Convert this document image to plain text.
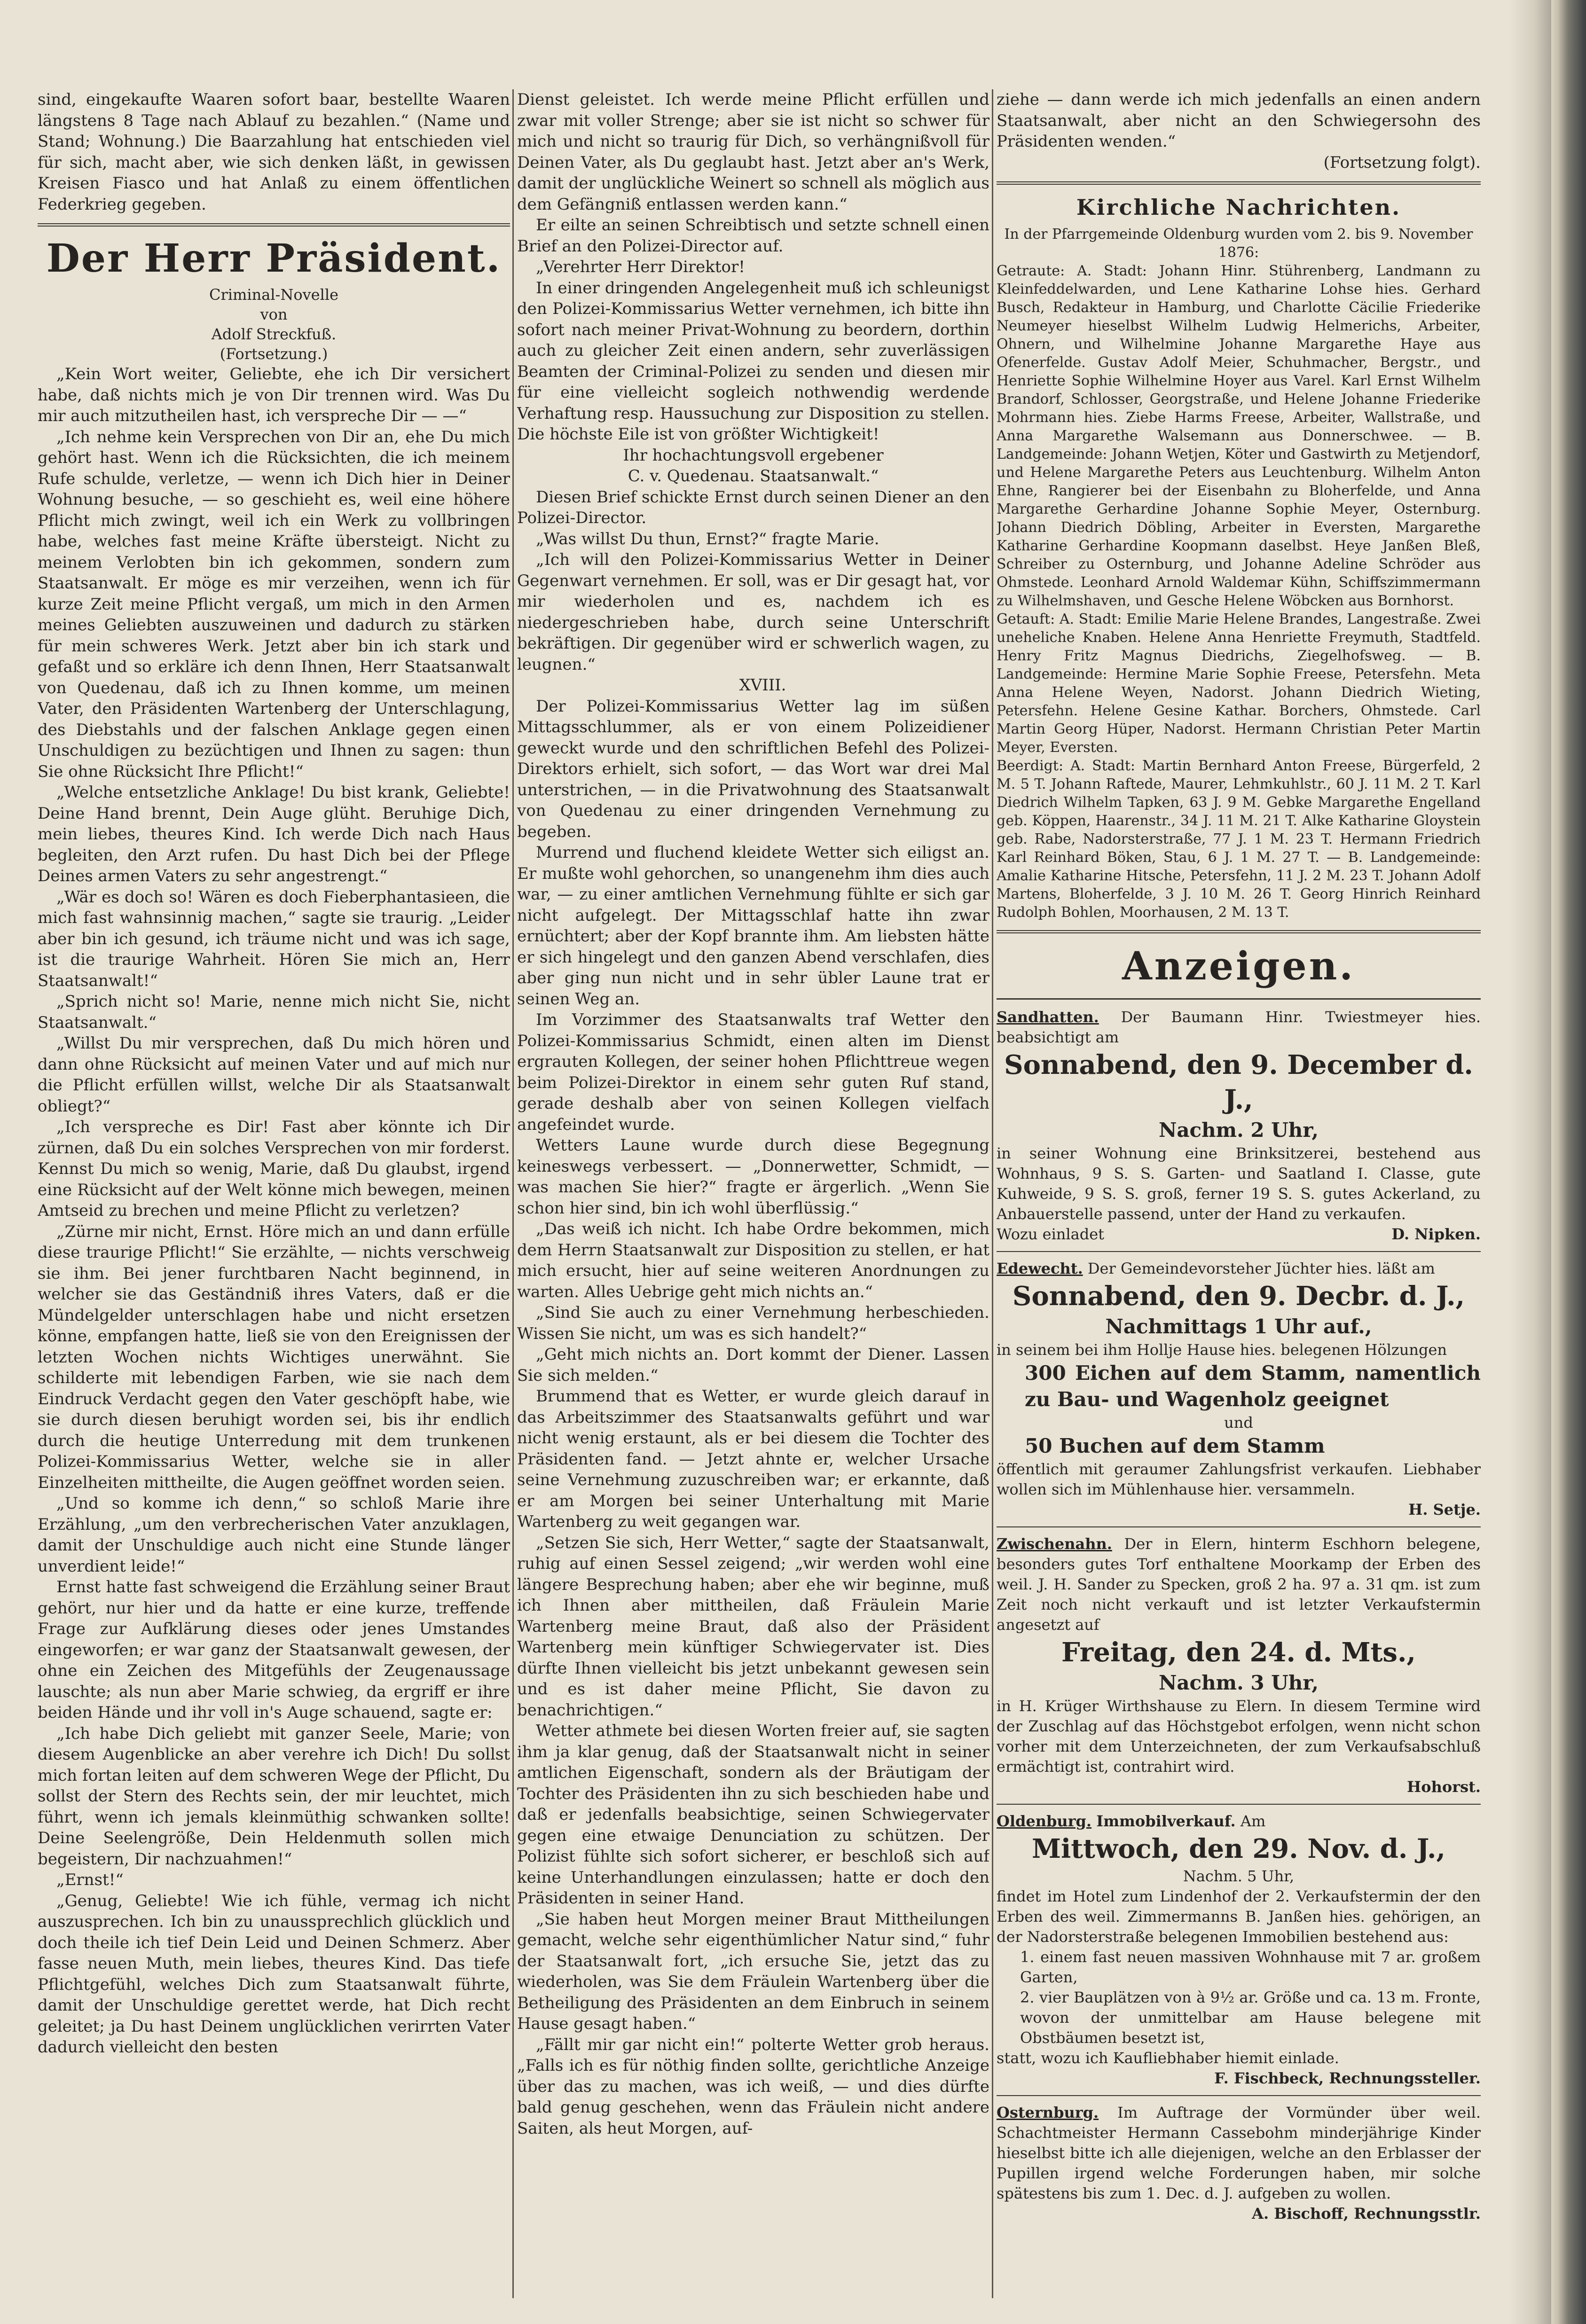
sind, eingekaufte Waaren sofort baar, bestellte Waaren längstens 8 Tage nach Ablauf zu bezahlen.“ (Name und Stand; Wohnung.) Die Baarzahlung hat entschieden viel für sich, macht aber, wie sich denken läßt, in gewissen Kreisen Fiasco und hat Anlaß zu einem öffentlichen Federkrieg gegeben.

Der Herr Präsident.
Criminal-Novelle
von
Adolf Streckfuß.
(Fortsetzung.)

„Kein Wort weiter, Geliebte, ehe ich Dir versichert habe, daß nichts mich je von Dir trennen wird. Was Du mir auch mitzutheilen hast, ich verspreche Dir — —“

„Ich nehme kein Versprechen von Dir an, ehe Du mich gehört hast. Wenn ich die Rücksichten, die ich meinem Rufe schulde, verletze, — wenn ich Dich hier in Deiner Wohnung besuche, — so geschieht es, weil eine höhere Pflicht mich zwingt, weil ich ein Werk zu vollbringen habe, welches fast meine Kräfte übersteigt. Nicht zu meinem Verlobten bin ich gekommen, sondern zum Staatsanwalt. Er möge es mir verzeihen, wenn ich für kurze Zeit meine Pflicht vergaß, um mich in den Armen meines Geliebten auszuweinen und dadurch zu stärken für mein schweres Werk. Jetzt aber bin ich stark und gefaßt und so erkläre ich denn Ihnen, Herr Staatsanwalt von Quedenau, daß ich zu Ihnen komme, um meinen Vater, den Präsidenten Wartenberg der Unterschlagung, des Diebstahls und der falschen Anklage gegen einen Unschuldigen zu bezüchtigen und Ihnen zu sagen: thun Sie ohne Rücksicht Ihre Pflicht!“

„Welche entsetzliche Anklage! Du bist krank, Geliebte! Deine Hand brennt, Dein Auge glüht. Beruhige Dich, mein liebes, theures Kind. Ich werde Dich nach Haus begleiten, den Arzt rufen. Du hast Dich bei der Pflege Deines armen Vaters zu sehr angestrengt.“

„Wär es doch so! Wären es doch Fieberphantasieen, die mich fast wahnsinnig machen,“ sagte sie traurig. „Leider aber bin ich gesund, ich träume nicht und was ich sage, ist die traurige Wahrheit. Hören Sie mich an, Herr Staatsanwalt!“

„Sprich nicht so! Marie, nenne mich nicht Sie, nicht Staatsanwalt.“

„Willst Du mir versprechen, daß Du mich hören und dann ohne Rücksicht auf meinen Vater und auf mich nur die Pflicht erfüllen willst, welche Dir als Staatsanwalt obliegt?“

„Ich verspreche es Dir! Fast aber könnte ich Dir zürnen, daß Du ein solches Versprechen von mir forderst. Kennst Du mich so wenig, Marie, daß Du glaubst, irgend eine Rücksicht auf der Welt könne mich bewegen, meinen Amtseid zu brechen und meine Pflicht zu verletzen?

„Zürne mir nicht, Ernst. Höre mich an und dann erfülle diese traurige Pflicht!“ Sie erzählte, — nichts verschweig sie ihm. Bei jener furchtbaren Nacht beginnend, in welcher sie das Geständniß ihres Vaters, daß er die Mündelgelder unterschlagen habe und nicht ersetzen könne, empfangen hatte, ließ sie von den Ereignissen der letzten Wochen nichts Wichtiges unerwähnt. Sie schilderte mit lebendigen Farben, wie sie nach dem Eindruck Verdacht gegen den Vater geschöpft habe, wie sie durch diesen beruhigt worden sei, bis ihr endlich durch die heutige Unterredung mit dem trunkenen Polizei-Kommissarius Wetter, welche sie in aller Einzelheiten mittheilte, die Augen geöffnet worden seien.

„Und so komme ich denn,“ so schloß Marie ihre Erzählung, „um den verbrecherischen Vater anzuklagen, damit der Unschuldige auch nicht eine Stunde länger unverdient leide!“

Ernst hatte fast schweigend die Erzählung seiner Braut gehört, nur hier und da hatte er eine kurze, treffende Frage zur Aufklärung dieses oder jenes Umstandes eingeworfen; er war ganz der Staatsanwalt gewesen, der ohne ein Zeichen des Mitgefühls der Zeugenaussage lauschte; als nun aber Marie schwieg, da ergriff er ihre beiden Hände und ihr voll in's Auge schauend, sagte er:

„Ich habe Dich geliebt mit ganzer Seele, Marie; von diesem Augenblicke an aber verehre ich Dich! Du sollst mich fortan leiten auf dem schweren Wege der Pflicht, Du sollst der Stern des Rechts sein, der mir leuchtet, mich führt, wenn ich jemals kleinmüthig schwanken sollte! Deine Seelengröße, Dein Heldenmuth sollen mich begeistern, Dir nachzuahmen!“

„Ernst!“

„Genug, Geliebte! Wie ich fühle, vermag ich nicht auszusprechen. Ich bin zu unaussprechlich glücklich und doch theile ich tief Dein Leid und Deinen Schmerz. Aber fasse neuen Muth, mein liebes, theures Kind. Das tiefe Pflichtgefühl, welches Dich zum Staatsanwalt führte, damit der Unschuldige gerettet werde, hat Dich recht geleitet; ja Du hast Deinem unglücklichen verirrten Vater dadurch vielleicht den besten

Dienst geleistet. Ich werde meine Pflicht erfüllen und zwar mit voller Strenge; aber sie ist nicht so schwer für mich und nicht so traurig für Dich, so verhängnißvoll für Deinen Vater, als Du geglaubt hast. Jetzt aber an's Werk, damit der unglückliche Weinert so schnell als möglich aus dem Gefängniß entlassen werden kann.“

Er eilte an seinen Schreibtisch und setzte schnell einen Brief an den Polizei-Director auf.

„Verehrter Herr Direktor!

In einer dringenden Angelegenheit muß ich schleunigst den Polizei-Kommissarius Wetter vernehmen, ich bitte ihn sofort nach meiner Privat-Wohnung zu beordern, dorthin auch zu gleicher Zeit einen andern, sehr zuverlässigen Beamten der Criminal-Polizei zu senden und diesen mir für eine vielleicht sogleich nothwendig werdende Verhaftung resp. Haussuchung zur Disposition zu stellen. Die höchste Eile ist von größter Wichtigkeit!

Ihr hochachtungsvoll ergebener

C. v. Quedenau. Staatsanwalt.“

Diesen Brief schickte Ernst durch seinen Diener an den Polizei-Director.

„Was willst Du thun, Ernst?“ fragte Marie.

„Ich will den Polizei-Kommissarius Wetter in Deiner Gegenwart vernehmen. Er soll, was er Dir gesagt hat, vor mir wiederholen und es, nachdem ich es niedergeschrieben habe, durch seine Unterschrift bekräftigen. Dir gegenüber wird er schwerlich wagen, zu leugnen.“

XVIII.

Der Polizei-Kommissarius Wetter lag im süßen Mittagsschlummer, als er von einem Polizeidiener geweckt wurde und den schriftlichen Befehl des Polizei-Direktors erhielt, sich sofort, — das Wort war drei Mal unterstrichen, — in die Privatwohnung des Staatsanwalt von Quedenau zu einer dringenden Vernehmung zu begeben.

Murrend und fluchend kleidete Wetter sich eiligst an. Er mußte wohl gehorchen, so unangenehm ihm dies auch war, — zu einer amtlichen Vernehmung fühlte er sich gar nicht aufgelegt. Der Mittagsschlaf hatte ihn zwar ernüchtert; aber der Kopf brannte ihm. Am liebsten hätte er sich hingelegt und den ganzen Abend verschlafen, dies aber ging nun nicht und in sehr übler Laune trat er seinen Weg an.

Im Vorzimmer des Staatsanwalts traf Wetter den Polizei-Kommissarius Schmidt, einen alten im Dienst ergrauten Kollegen, der seiner hohen Pflichttreue wegen beim Polizei-Direktor in einem sehr guten Ruf stand, gerade deshalb aber von seinen Kollegen vielfach angefeindet wurde.

Wetters Laune wurde durch diese Begegnung keineswegs verbessert. — „Donnerwetter, Schmidt, — was machen Sie hier?“ fragte er ärgerlich. „Wenn Sie schon hier sind, bin ich wohl überflüssig.“

„Das weiß ich nicht. Ich habe Ordre bekommen, mich dem Herrn Staatsanwalt zur Disposition zu stellen, er hat mich ersucht, hier auf seine weiteren Anordnungen zu warten. Alles Uebrige geht mich nichts an.“

„Sind Sie auch zu einer Vernehmung herbeschieden. Wissen Sie nicht, um was es sich handelt?“

„Geht mich nichts an. Dort kommt der Diener. Lassen Sie sich melden.“

Brummend that es Wetter, er wurde gleich darauf in das Arbeitszimmer des Staatsanwalts geführt und war nicht wenig erstaunt, als er bei diesem die Tochter des Präsidenten fand. — Jetzt ahnte er, welcher Ursache seine Vernehmung zuzuschreiben war; er erkannte, daß er am Morgen bei seiner Unterhaltung mit Marie Wartenberg zu weit gegangen war.

„Setzen Sie sich, Herr Wetter,“ sagte der Staatsanwalt, ruhig auf einen Sessel zeigend; „wir werden wohl eine längere Besprechung haben; aber ehe wir beginne, muß ich Ihnen aber mittheilen, daß Fräulein Marie Wartenberg meine Braut, daß also der Präsident Wartenberg mein künftiger Schwiegervater ist. Dies dürfte Ihnen vielleicht bis jetzt unbekannt gewesen sein und es ist daher meine Pflicht, Sie davon zu benachrichtigen.“

Wetter athmete bei diesen Worten freier auf, sie sagten ihm ja klar genug, daß der Staatsanwalt nicht in seiner amtlichen Eigenschaft, sondern als der Bräutigam der Tochter des Präsidenten ihn zu sich beschieden habe und daß er jedenfalls beabsichtige, seinen Schwiegervater gegen eine etwaige Denunciation zu schützen. Der Polizist fühlte sich sofort sicherer, er beschloß sich auf keine Unterhandlungen einzulassen; hatte er doch den Präsidenten in seiner Hand.

„Sie haben heut Morgen meiner Braut Mittheilungen gemacht, welche sehr eigenthümlicher Natur sind,“ fuhr der Staatsanwalt fort, „ich ersuche Sie, jetzt das zu wiederholen, was Sie dem Fräulein Wartenberg über die Betheiligung des Präsidenten an dem Einbruch in seinem Hause gesagt haben.“

„Fällt mir gar nicht ein!“ polterte Wetter grob heraus. „Falls ich es für nöthig finden sollte, gerichtliche Anzeige über das zu machen, was ich weiß, — und dies dürfte bald genug geschehen, wenn das Fräulein nicht andere Saiten, als heut Morgen, auf-

ziehe — dann werde ich mich jedenfalls an einen andern Staatsanwalt, aber nicht an den Schwiegersohn des Präsidenten wenden.“

(Fortsetzung folgt).

Kirchliche Nachrichten.

In der Pfarrgemeinde Oldenburg wurden vom 2. bis 9. November 1876:

Getraute: A. Stadt: Johann Hinr. Stührenberg, Landmann zu Kleinfeddelwarden, und Lene Katharine Lohse hies. Gerhard Busch, Redakteur in Hamburg, und Charlotte Cäcilie Friederike Neumeyer hieselbst Wilhelm Ludwig Helmerichs, Arbeiter, Ohnern, und Wilhelmine Johanne Margarethe Haye aus Ofenerfelde. Gustav Adolf Meier, Schuhmacher, Bergstr., und Henriette Sophie Wilhelmine Hoyer aus Varel. Karl Ernst Wilhelm Brandorf, Schlosser, Georgstraße, und Helene Johanne Friederike Mohrmann hies. Ziebe Harms Freese, Arbeiter, Wallstraße, und Anna Margarethe Walsemann aus Donnerschwee. — B. Landgemeinde: Johann Wetjen, Köter und Gastwirth zu Metjendorf, und Helene Margarethe Peters aus Leuchtenburg. Wilhelm Anton Ehne, Rangierer bei der Eisenbahn zu Bloherfelde, und Anna Margarethe Gerhardine Johanne Sophie Meyer, Osternburg. Johann Diedrich Döbling, Arbeiter in Eversten, Margarethe Katharine Gerhardine Koopmann daselbst. Heye Janßen Bleß, Schreiber zu Osternburg, und Johanne Adeline Schröder aus Ohmstede. Leonhard Arnold Waldemar Kühn, Schiffszimmermann zu Wilhelmshaven, und Gesche Helene Wöbcken aus Bornhorst.

Getauft: A. Stadt: Emilie Marie Helene Brandes, Langestraße. Zwei uneheliche Knaben. Helene Anna Henriette Freymuth, Stadtfeld. Henry Fritz Magnus Diedrichs, Ziegelhofsweg. — B. Landgemeinde: Hermine Marie Sophie Freese, Petersfehn. Meta Anna Helene Weyen, Nadorst. Johann Diedrich Wieting, Petersfehn. Helene Gesine Kathar. Borchers, Ohmstede. Carl Martin Georg Hüper, Nadorst. Hermann Christian Peter Martin Meyer, Eversten.

Beerdigt: A. Stadt: Martin Bernhard Anton Freese, Bürgerfeld, 2 M. 5 T. Johann Raftede, Maurer, Lehmkuhlstr., 60 J. 11 M. 2 T. Karl Diedrich Wilhelm Tapken, 63 J. 9 M. Gebke Margarethe Engelland geb. Köppen, Haarenstr., 34 J. 11 M. 21 T. Alke Katharine Gloystein geb. Rabe, Nadorsterstraße, 77 J. 1 M. 23 T. Hermann Friedrich Karl Reinhard Böken, Stau, 6 J. 1 M. 27 T. — B. Landgemeinde: Amalie Katharine Hitsche, Petersfehn, 11 J. 2 M. 23 T. Johann Adolf Martens, Bloherfelde, 3 J. 10 M. 26 T. Georg Hinrich Reinhard Rudolph Bohlen, Moorhausen, 2 M. 13 T.

Anzeigen.

Sandhatten. Der Baumann Hinr. Twiestmeyer hies. beabsichtigt am

Sonnabend, den 9. December d. J.,

Nachm. 2 Uhr,

in seiner Wohnung eine Brinksitzerei, bestehend aus Wohnhaus, 9 S. S. Garten- und Saatland I. Classe, gute Kuhweide, 9 S. S. groß, ferner 19 S. S. gutes Ackerland, zu Anbauerstelle passend, unter der Hand zu verkaufen.

Wozu einladet	D. Nipken.

Edewecht. Der Gemeindevorsteher Jüchter hies. läßt am

Sonnabend, den 9. Decbr. d. J.,

Nachmittags 1 Uhr auf.,

in seinem bei ihm Hollje Hause hies. belegenen Hölzungen

300 Eichen auf dem Stamm, namentlich zu Bau- und Wagenholz geeignet

und

50 Buchen auf dem Stamm

öffentlich mit geraumer Zahlungsfrist verkaufen. Liebhaber wollen sich im Mühlenhause hier. versammeln.

H. Setje.

Zwischenahn. Der in Elern, hinterm Eschhorn belegene, besonders gutes Torf enthaltene Moorkamp der Erben des weil. J. H. Sander zu Specken, groß 2 ha. 97 a. 31 qm. ist zum Zeit noch nicht verkauft und ist letzter Verkaufstermin angesetzt auf

Freitag, den 24. d. Mts.,

Nachm. 3 Uhr,

in H. Krüger Wirthshause zu Elern. In diesem Termine wird der Zuschlag auf das Höchstgebot erfolgen, wenn nicht schon vorher mit dem Unterzeichneten, der zum Verkaufsabschluß ermächtigt ist, contrahirt wird.

Hohorst.

Oldenburg. Immobilverkauf. Am

Mittwoch, den 29. Nov. d. J.,

Nachm. 5 Uhr,

findet im Hotel zum Lindenhof der 2. Verkaufstermin der den Erben des weil. Zimmermanns B. Janßen hies. gehörigen, an der Nadorsterstraße belegenen Immobilien bestehend aus:

1. einem fast neuen massiven Wohnhause mit 7 ar. großem Garten,

2. vier Bauplätzen von à 9½ ar. Größe und ca. 13 m. Fronte, wovon der unmittelbar am Hause belegene mit Obstbäumen besetzt ist,

statt, wozu ich Kaufliebhaber hiemit einlade.

F. Fischbeck, Rechnungssteller.

Osternburg. Im Auftrage der Vormünder über weil. Schachtmeister Hermann Cassebohm minderjährige Kinder hieselbst bitte ich alle diejenigen, welche an den Erblasser der Pupillen irgend welche Forderungen haben, mir solche spätestens bis zum 1. Dec. d. J. aufgeben zu wollen.

A. Bischoff, Rechnungsstlr.
